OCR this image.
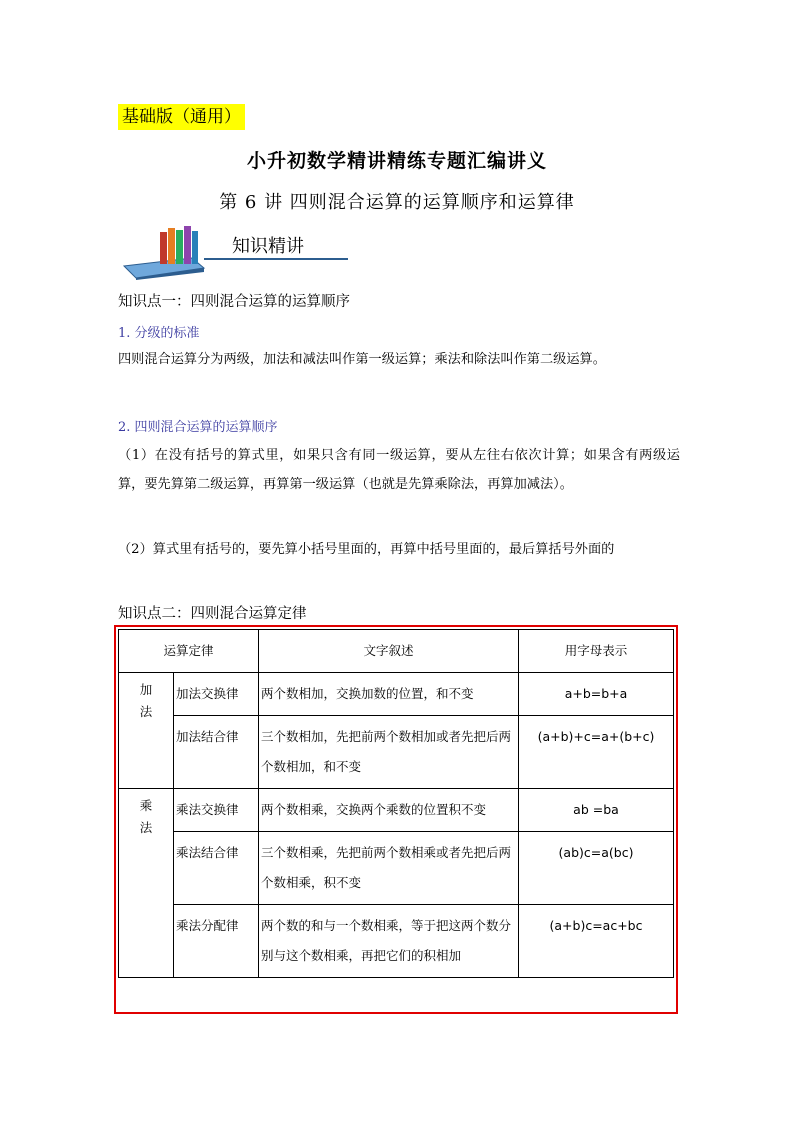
基础版（通用）
小升初数学精讲精练专题汇编讲义
第 6 讲 四则混合运算的运算顺序和运算律
知识精讲
知识点一：四则混合运算的运算顺序
1. 分级的标准
四则混合运算分为两级，加法和减法叫作第一级运算；乘法和除法叫作第二级运算。
2. 四则混合运算的运算顺序
（1）在没有括号的算式里，如果只含有同一级运算，要从左往右依次计算；如果含有两级运算，要先算第二级运算，再算第一级运算（也就是先算乘除法，再算加减法）。
（2）算式里有括号的，要先算小括号里面的，再算中括号里面的，最后算括号外面的
知识点二：四则混合运算定律
运算定律		文字叙述	用字母表示
加法	加法交换律	两个数相加，交换加数的位置，和不变	a+b=b+a
	加法结合律	三个数相加，先把前两个数相加或者先把后两个数相加，和不变	(a+b)+c=a+(b+c)
乘法	乘法交换律	两个数相乘，交换两个乘数的位置积不变	ab =ba
	乘法结合律	三个数相乘，先把前两个数相乘或者先把后两个数相乘，积不变	(ab)c=a(bc)
	乘法分配律	两个数的和与一个数相乘，等于把这两个数分别与这个数相乘，再把它们的积相加	(a+b)c=ac+bc
